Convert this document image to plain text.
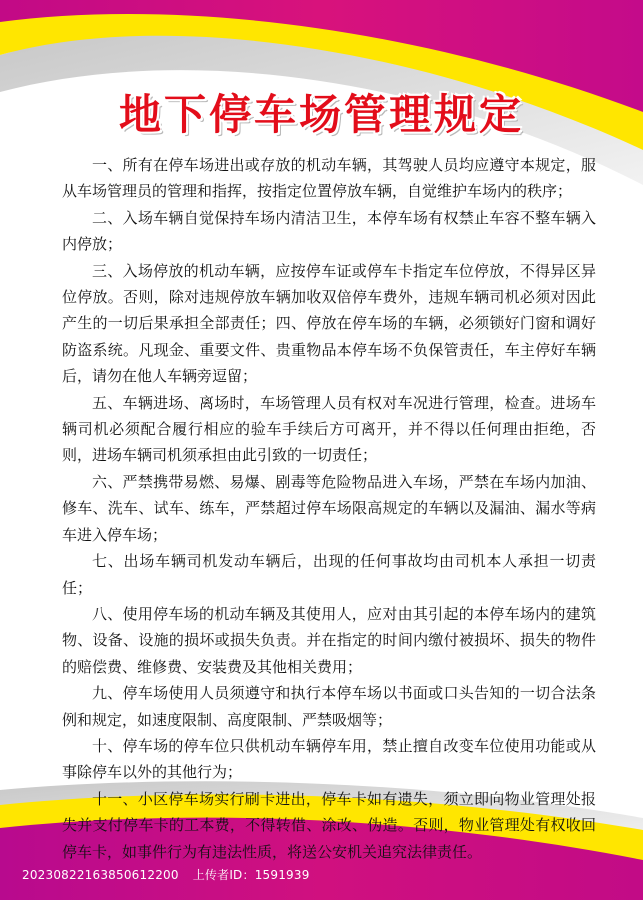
地下停车场管理规定

一、所有在停车场进出或存放的机动车辆，其驾驶人员均应遵守本规定，服从车场管理员的管理和指挥，按指定位置停放车辆，自觉维护车场内的秩序；

二、入场车辆自觉保持车场内清洁卫生，本停车场有权禁止车容不整车辆入内停放；

三、入场停放的机动车辆，应按停车证或停车卡指定车位停放，不得异区异位停放。否则，除对违规停放车辆加收双倍停车费外，违规车辆司机必须对因此产生的一切后果承担全部责任；四、停放在停车场的车辆，必须锁好门窗和调好防盗系统。凡现金、重要文件、贵重物品本停车场不负保管责任，车主停好车辆后，请勿在他人车辆旁逗留；

五、车辆进场、离场时，车场管理人员有权对车况进行管理，检查。进场车辆司机必须配合履行相应的验车手续后方可离开，并不得以任何理由拒绝，否则，进场车辆司机须承担由此引致的一切责任；

六、严禁携带易燃、易爆、剧毒等危险物品进入车场，严禁在车场内加油、修车、洗车、试车、练车，严禁超过停车场限高规定的车辆以及漏油、漏水等病车进入停车场；

七、出场车辆司机发动车辆后，出现的任何事故均由司机本人承担一切责任；

八、使用停车场的机动车辆及其使用人，应对由其引起的本停车场内的建筑物、设备、设施的损坏或损失负责。并在指定的时间内缴付被损坏、损失的物件的赔偿费、维修费、安装费及其他相关费用；

九、停车场使用人员须遵守和执行本停车场以书面或口头告知的一切合法条例和规定，如速度限制、高度限制、严禁吸烟等；

十、停车场的停车位只供机动车辆停车用，禁止擅自改变车位使用功能或从事除停车以外的其他行为；

十一、小区停车场实行刷卡进出，停车卡如有遗失，须立即向物业管理处报失并支付停车卡的工本费，不得转借、涂改、伪造。否则，物业管理处有权收回停车卡，如事件行为有违法性质，将送公安机关追究法律责任。

20230822163850612200 上传者ID：1591939
